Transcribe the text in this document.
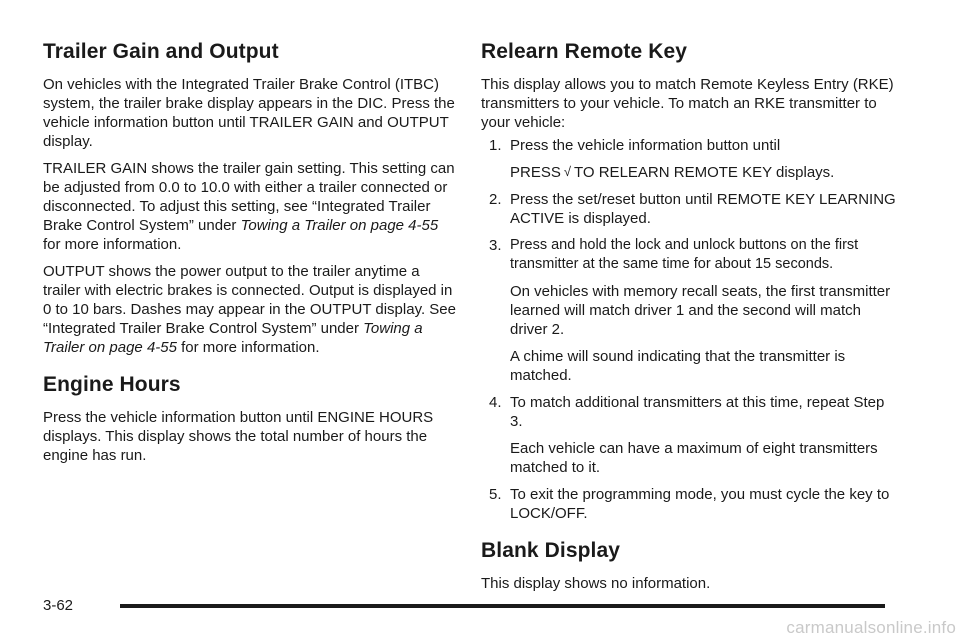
Trailer Gain and Output

On vehicles with the Integrated Trailer Brake Control (ITBC) system, the trailer brake display appears in the DIC. Press the vehicle information button until TRAILER GAIN and OUTPUT display.

TRAILER GAIN shows the trailer gain setting. This setting can be adjusted from 0.0 to 10.0 with either a trailer connected or disconnected. To adjust this setting, see “Integrated Trailer Brake Control System” under Towing a Trailer on page 4-55 for more information.

OUTPUT shows the power output to the trailer anytime a trailer with electric brakes is connected. Output is displayed in 0 to 10 bars. Dashes may appear in the OUTPUT display. See “Integrated Trailer Brake Control System” under Towing a Trailer on page 4-55 for more information.

Engine Hours

Press the vehicle information button until ENGINE HOURS displays. This display shows the total number of hours the engine has run.

Relearn Remote Key

This display allows you to match Remote Keyless Entry (RKE) transmitters to your vehicle. To match an RKE transmitter to your vehicle:

1. Press the vehicle information button until

PRESS √ TO RELEARN REMOTE KEY displays.

2. Press the set/reset button until REMOTE KEY LEARNING ACTIVE is displayed.
3. Press and hold the lock and unlock buttons on the first transmitter at the same time for about 15 seconds.

On vehicles with memory recall seats, the first transmitter learned will match driver 1 and the second will match driver 2.

A chime will sound indicating that the transmitter is matched.

4. To match additional transmitters at this time, repeat Step 3.

Each vehicle can have a maximum of eight transmitters matched to it.

5. To exit the programming mode, you must cycle the key to LOCK/OFF.
Blank Display

This display shows no information.

3-62
carmanualsonline.info
